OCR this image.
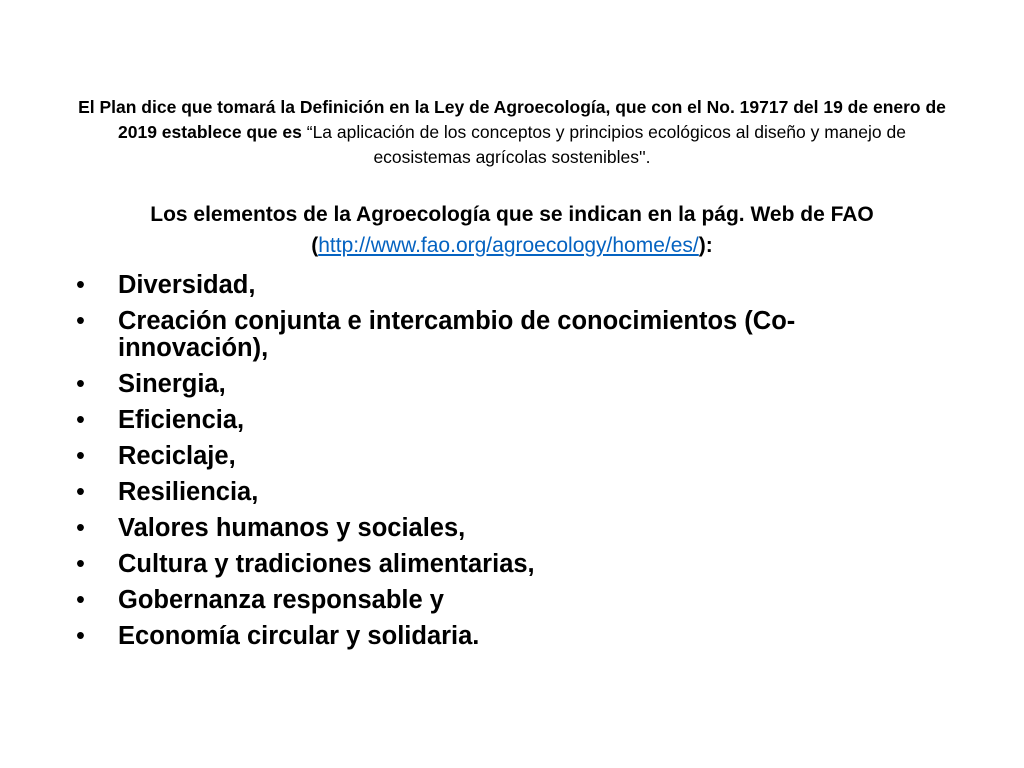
El Plan dice que tomará la Definición en la Ley de Agroecología, que con el No. 19717 del 19 de enero de 2019 establece que es “La aplicación de los conceptos y principios ecológicos al diseño y manejo de ecosistemas agrícolas sostenibles''.

Los elementos de la Agroecología que se indican en la pág. Web de FAO
(http://www.fao.org/agroecology/home/es/):

•	Diversidad,
•	Creación conjunta e intercambio de conocimientos (Co-innovación),
•	Sinergia,
•	Eficiencia,
•	Reciclaje,
•	Resiliencia,
•	Valores humanos y sociales,
•	Cultura y tradiciones alimentarias,
•	Gobernanza responsable y
•	Economía circular y solidaria.
